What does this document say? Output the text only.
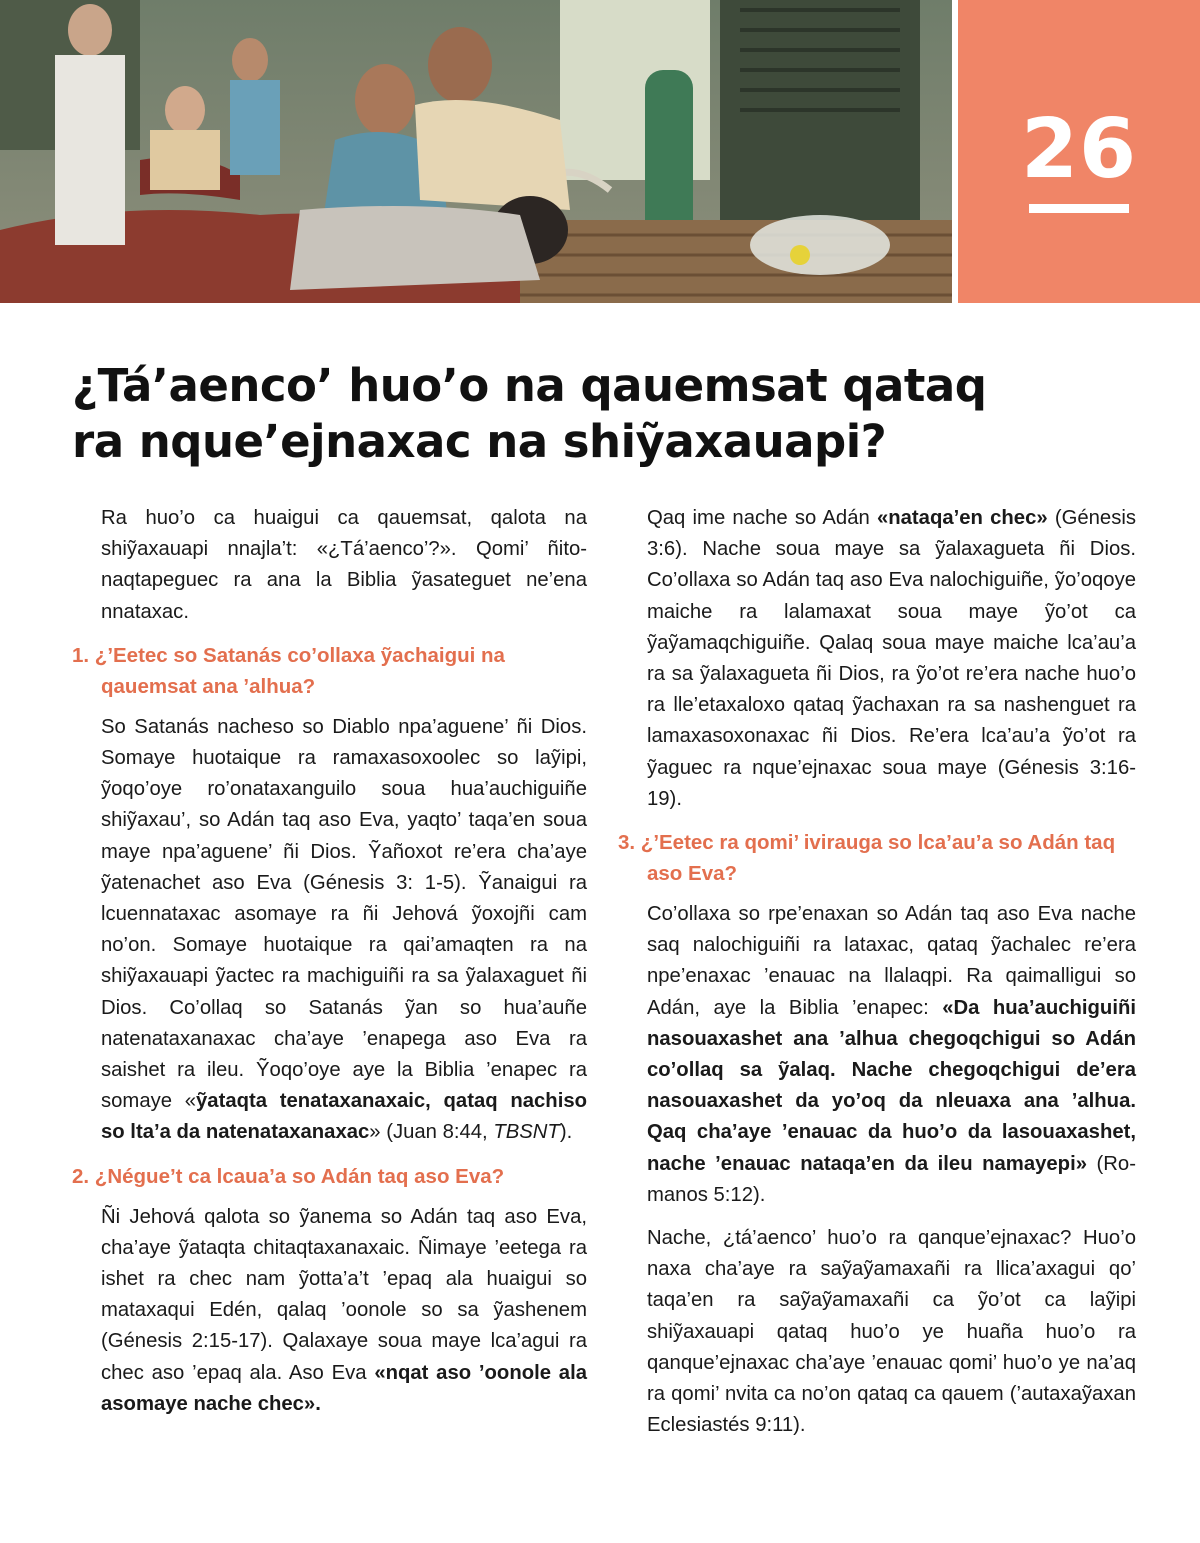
26
¿Tá’aenco’ huo’o na qauemsat qataq
ra nque’ejnaxac na shiỹaxauapi?

Ra huo’o ca huaigui ca qauemsat, qalota na shiỹaxauapi nnajla’t: «¿Tá’aenco’?». Qomi’ ñitonaqtapeguec ra ana la Biblia ỹasateguet ne’ena nnataxac.

1. ¿’Eetec so Satanás co’ollaxa ỹachaigui na qauemsat ana ’alhua?

So Satanás nacheso so Diablo npa’aguene’ ñi Dios. Somaye huotaique ra ramaxasoxoolec so laỹipi, ỹoqo’oye ro’onataxanguilo soua hua’auchiguiñe shiỹaxau’, so Adán taq aso Eva, yaqto’ taqa’en soua maye npa’aguene’ ñi Dios. Ỹañoxot re’era cha’aye ỹatenachet aso Eva (Génesis 3: 1-5). Ỹanaigui ra lcuennataxac asomaye ra ñi Jehová ỹoxojñi cam no’on. Somaye huotaique ra qai’amaqten ra na shiỹaxauapi ỹactec ra machiguiñi ra sa ỹalaxaguet ñi Dios. Co’ollaq so Satanás ỹan so hua’auñe natenataxanaxac cha’aye ’enapega aso Eva ra saishet ra ileu. Ỹoqo’oye aye la Biblia ’enapec ra somaye «ỹataqta tenataxanaxaic, qataq nachiso so lta’a da natenataxanaxac» (Juan 8:44, TBSNT).

2. ¿Négue’t ca lcaua’a so Adán taq aso Eva?

Ñi Jehová qalota so ỹanema so Adán taq aso Eva, cha’aye ỹataqta chitaqtaxanaxaic. Ñimaye ’eetega ra ishet ra chec nam ỹotta’a’t ’epaq ala huaigui so mataxaqui Edén, qalaq ’oonole so sa ỹashenem (Génesis 2:15-17). Qalaxaye soua maye lca’agui ra chec aso ’epaq ala. Aso Eva «nqat aso ’oonole ala asomaye nache chec».

Qaq ime nache so Adán «nataqa’en chec» (Génesis 3:6). Nache soua maye sa ỹalaxagueta ñi Dios. Co’ollaxa so Adán taq aso Eva nalochiguiñe, ỹo’oqoye maiche ra lalamaxat soua maye ỹo’ot ca ỹaỹamaqchiguiñe. Qalaq soua maye maiche lca’au’a ra sa ỹalaxagueta ñi Dios, ra ỹo’ot re’era nache huo’o ra lle’etaxaloxo qataq ỹachaxan ra sa nashenguet ra lamaxasoxonaxac ñi Dios. Re’era lca’au’a ỹo’ot ra ỹaguec ra nque’ejnaxac soua maye (Génesis 3:16-19).

3. ¿’Eetec ra qomi’ ivirauga so lca’au’a so Adán taq aso Eva?

Co’ollaxa so rpe’enaxan so Adán taq aso Eva nache saq nalochiguiñi ra lataxac, qataq ỹachalec re’era npe’enaxac ’enauac na llalaqpi. Ra qaimalligui so Adán, aye la Biblia ’enapec: «Da hua’auchiguiñi nasouaxashet ana ’alhua chegoqchigui so Adán co’ollaq sa ỹalaq. Nache chegoqchigui de’era nasouaxashet da yo’oq da nleuaxa ana ’alhua. Qaq cha’aye ’enauac da huo’o da lasouaxashet, nache ’enauac nataqa’en da ileu namayepi» (Romanos 5:12).

Nache, ¿tá’aenco’ huo’o ra qanque’ejnaxac? Huo’o naxa cha’aye ra saỹaỹamaxañi ra llica’axagui qo’ taqa’en ra saỹaỹamaxañi ca ỹo’ot ca laỹipi shiỹaxauapi qataq huo’o ye huaña huo’o ra qanque’ejnaxac cha’aye ’enauac qomi’ huo’o ye na’aq ra qomi’ nvita ca no’on qataq ca qauem (’autaxaỹaxan Eclesiastés 9:11).
